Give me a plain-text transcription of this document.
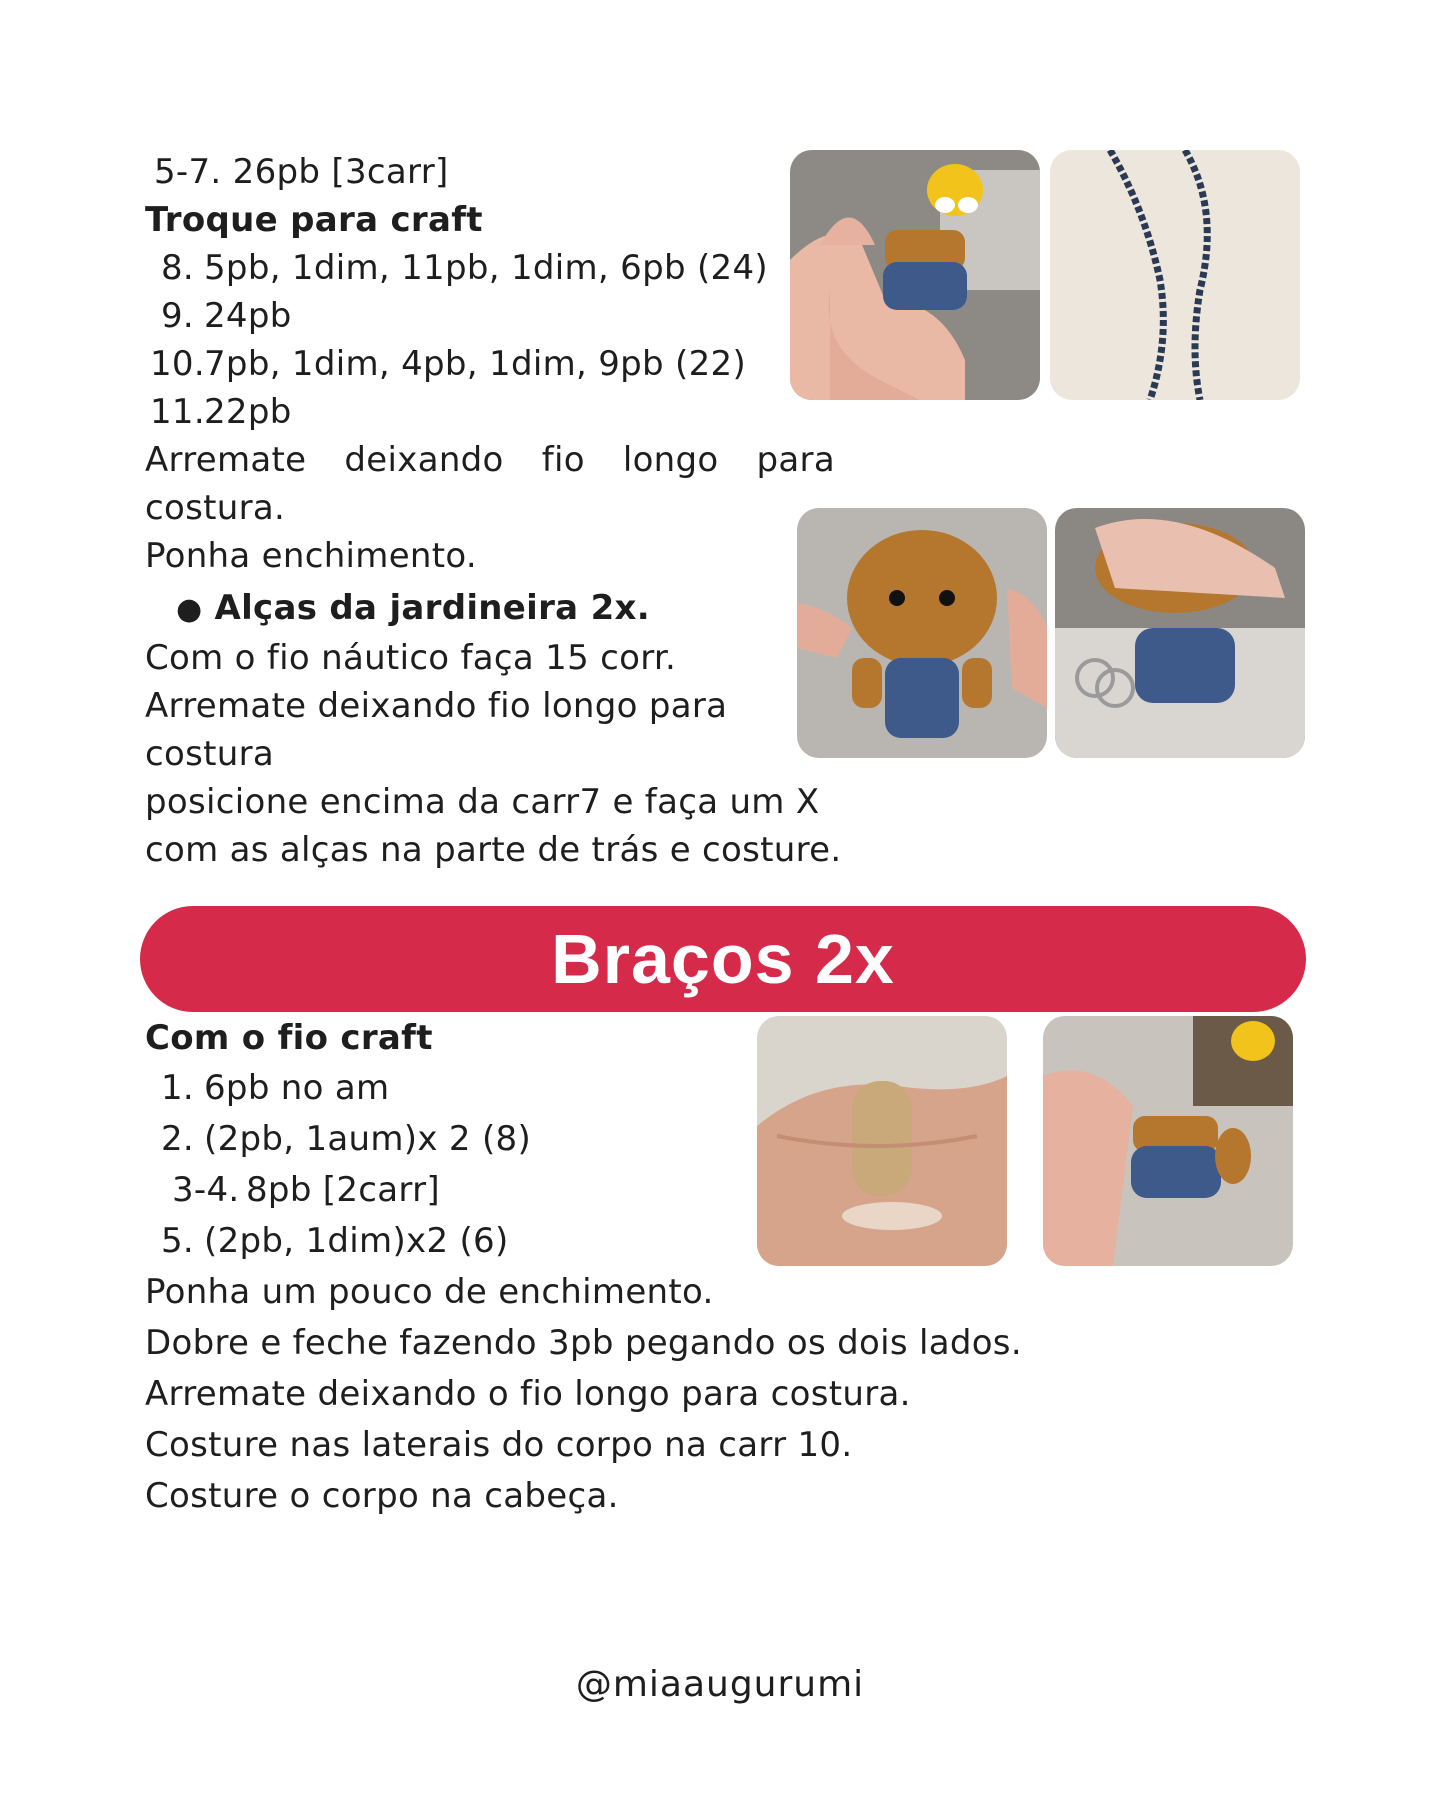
5-7. 26pb [3carr]
Troque para craft
8. 5pb, 1dim, 11pb, 1dim, 6pb (24)
9. 24pb
10.7pb, 1dim, 4pb, 1dim, 9pb (22)
11.22pb
Arremate deixando fio longo para
costura.
Ponha enchimento.
● Alças da jardineira 2x.
Com o fio náutico faça 15 corr.
Arremate deixando fio longo para
costura
posicione encima da carr7 e faça um X
com as alças na parte de trás e costure.
Braços 2x
Com o fio craft
1. 6pb no am
2. (2pb, 1aum)x 2 (8)
3-4. 8pb [2carr]
5. (2pb, 1dim)x2 (6)
Ponha um pouco de enchimento.
Dobre e feche fazendo 3pb pegando os dois lados.
Arremate deixando o fio longo para costura.
Costure nas laterais do corpo na carr 10.
Costure o corpo na cabeça.
@miaaugurumi
